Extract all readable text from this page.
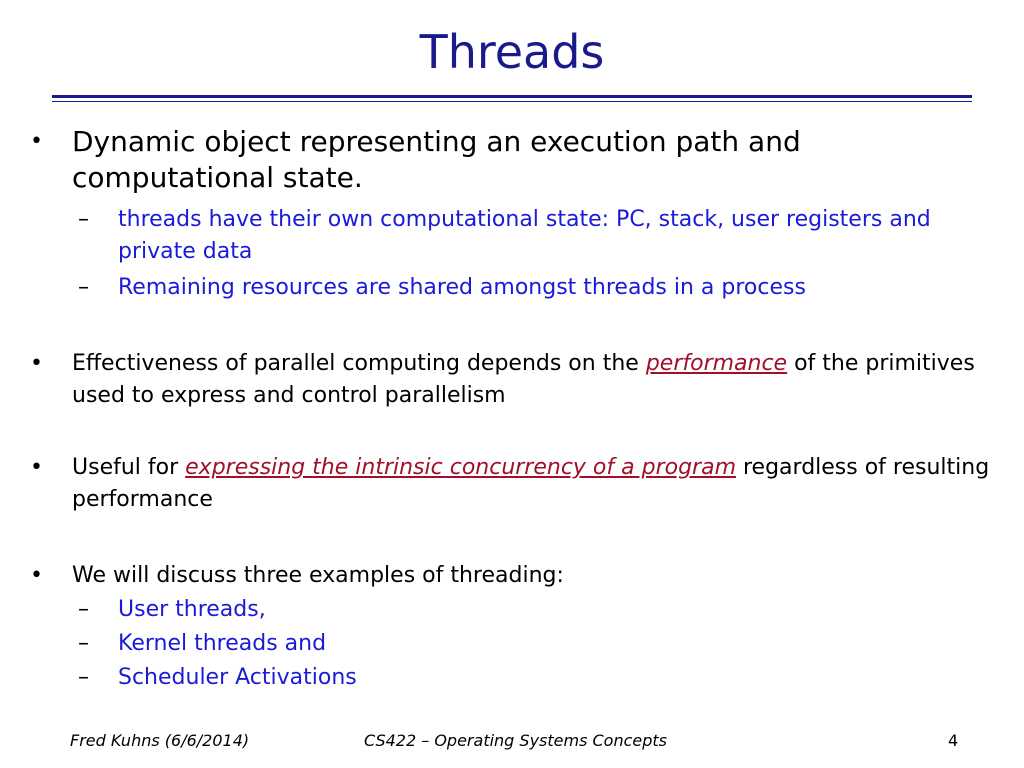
Threads
• Dynamic object representing an execution path and computational state.
– threads have their own computational state: PC, stack, user registers and private data
– Remaining resources are shared amongst threads in a process
• Effectiveness of parallel computing depends on the performance of the primitives used to express and control parallelism
• Useful for expressing the intrinsic concurrency of a program regardless of resulting performance
• We will discuss three examples of threading:
– User threads,
– Kernel threads and
– Scheduler Activations
Fred Kuhns (6/6/2014)	CS422 – Operating Systems Concepts	4
